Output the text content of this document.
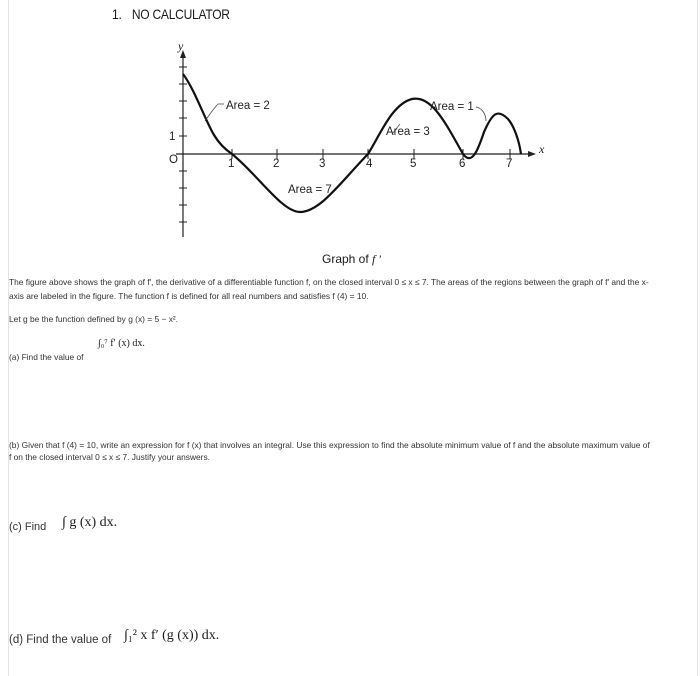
1. NO CALCULATOR
y
x
O
1
1	2	3	4	5	6	7
Area = 2
Area = 7
Area = 3
Area = 1
Graph of f ′
The figure above shows the graph of f′, the derivative of a differentiable function f, on the closed interval 0 ≤ x ≤ 7. The areas of the regions between the graph of f′ and the x-
axis are labeled in the figure. The function f is defined for all real numbers and satisfies f (4) = 10.
Let g be the function defined by g (x) = 5 − x².
(a) Find the value of
∫₀⁷ f′ (x) dx.
(b) Given that f (4) = 10, write an expression for f (x) that involves an integral. Use this expression to find the absolute minimum value of f and the absolute maximum value of
f on the closed interval 0 ≤ x ≤ 7. Justify your answers.
(c) Find ∫ g (x) dx.
(d) Find the value of ∫₁² x f′ (g (x)) dx.
